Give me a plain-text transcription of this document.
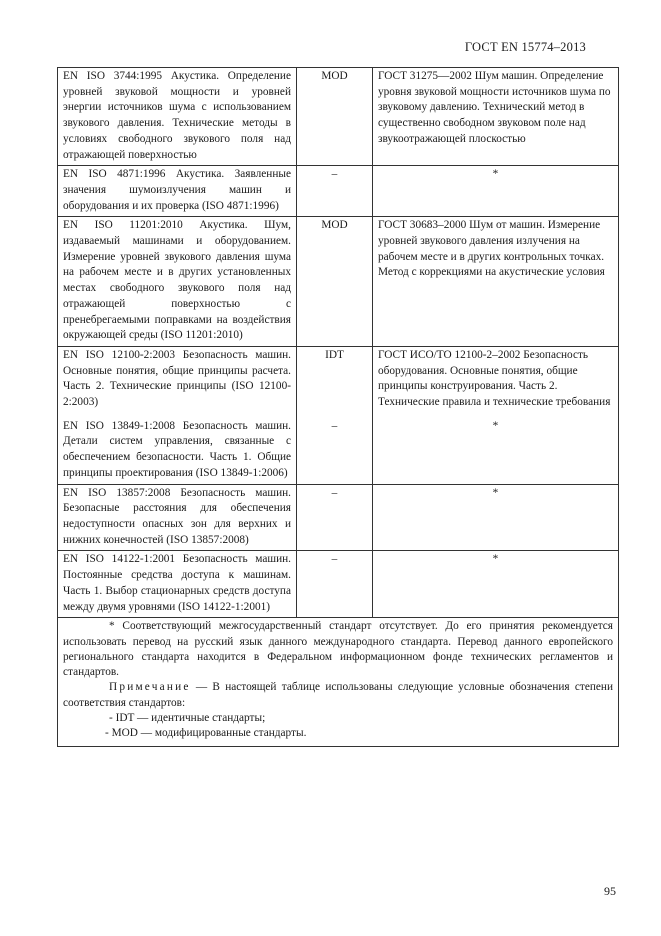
ГОСТ EN 15774–2013
EN ISO 3744:1995 Акустика. Определение уровней звуковой мощности и уровней энергии источников шума с использованием звукового давления. Технические методы в условиях свободного звукового поля над отражающей поверхностью	MOD	ГОСТ 31275—2002 Шум машин. Определение уровня звуковой мощности источников шума по звуковому давлению. Технический метод в существенно свободном звуковом поле над звукоотражающей плоскостью

EN ISO 4871:1996 Акустика. Заявленные значения шумоизлучения машин и оборудования и их проверка (ISO 4871:1996)	–	*

EN ISO 11201:2010 Акустика. Шум, издаваемый машинами и оборудованием. Измерение уровней звукового давления шума на рабочем месте и в других установленных местах свободного звукового поля над отражающей поверхностью с пренебрегаемыми поправками на воздействия окружающей среды (ISO 11201:2010)	MOD	ГОСТ 30683–2000 Шум от машин. Измерение уровней звукового давления излучения на рабочем месте и в других контрольных точках. Метод с коррекциями на акустические условия

EN ISO 12100-2:2003 Безопасность машин. Основные понятия, общие принципы расчета. Часть 2. Технические принципы (ISO 12100-2:2003)	IDT	ГОСТ ИСО/ТО 12100-2–2002 Безопасность оборудования. Основные понятия, общие принципы конструирования. Часть 2. Технические правила и технические требования

EN ISO 13849-1:2008 Безопасность машин. Детали систем управления, связанные с обеспечением безопасности. Часть 1. Общие принципы проектирования (ISO 13849-1:2006)	–	*

EN ISO 13857:2008 Безопасность машин. Безопасные расстояния для обеспечения недоступности опасных зон для верхних и нижних конечностей (ISO 13857:2008)	–	*

EN ISO 14122-1:2001 Безопасность машин. Постоянные средства доступа к машинам. Часть 1. Выбор стационарных средств доступа между двумя уровнями (ISO 14122-1:2001)	–	*

* Соответствующий межгосударственный стандарт отсутствует. До его принятия рекомендуется использовать перевод на русский язык данного международного стандарта. Перевод данного европейского регионального стандарта находится в Федеральном информационном фонде технических регламентов и стандартов.
Примечание — В настоящей таблице использованы следующие условные обозначения степени соответствия стандартов:
- IDT — идентичные стандарты;
- MOD –– модифицированные стандарты.		
95
